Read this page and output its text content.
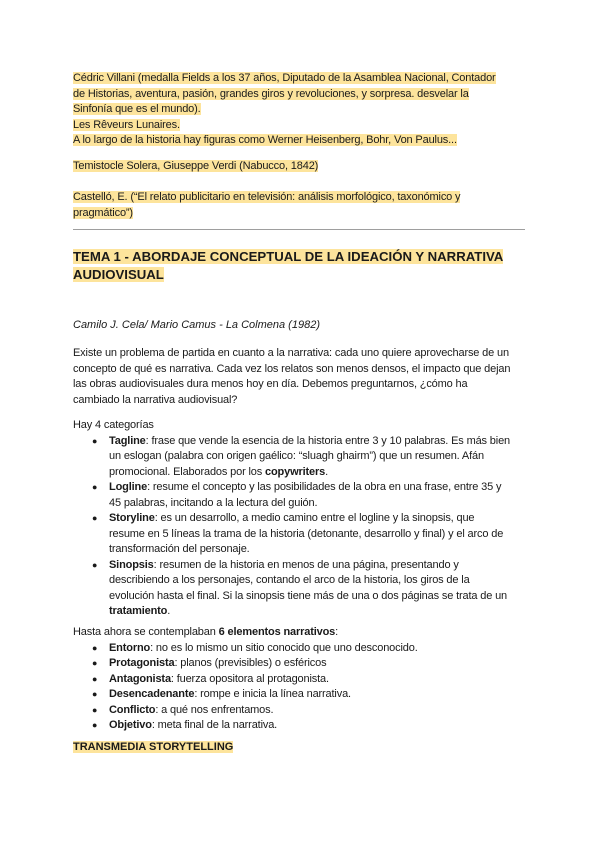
Cédric Villani (medalla Fields a los 37 años, Diputado de la Asamblea Nacional, Contador
de Historias, aventura, pasión, grandes giros y revoluciones, y sorpresa. desvelar la
Sinfonía que es el mundo).
Les Rêveurs Lunaires.
A lo largo de la historia hay figuras como Werner Heisenberg, Bohr, Von Paulus...
Temistocle Solera, Giuseppe Verdi (Nabucco, 1842)
Castelló, E. (“El relato publicitario en televisión: análisis morfológico, taxonómico y
pragmático”)
TEMA 1 - ABORDAJE CONCEPTUAL DE LA IDEACIÓN Y NARRATIVA
AUDIOVISUAL
Camilo J. Cela/ Mario Camus - La Colmena (1982)
Existe un problema de partida en cuanto a la narrativa: cada uno quiere aprovecharse de un
concepto de qué es narrativa. Cada vez los relatos son menos densos, el impacto que dejan
las obras audiovisuales dura menos hoy en día. Debemos preguntarnos, ¿cómo ha
cambiado la narrativa audiovisual?
Hay 4 categorías
● Tagline: frase que vende la esencia de la historia entre 3 y 10 palabras. Es más bien
un eslogan (palabra con origen gaélico: “sluagh ghairm”) que un resumen. Afán
promocional. Elaborados por los copywriters.
● Logline: resume el concepto y las posibilidades de la obra en una frase, entre 35 y
45 palabras, incitando a la lectura del guión.
● Storyline: es un desarrollo, a medio camino entre el logline y la sinopsis, que
resume en 5 líneas la trama de la historia (detonante, desarrollo y final) y el arco de
transformación del personaje.
● Sinopsis: resumen de la historia en menos de una página, presentando y
describiendo a los personajes, contando el arco de la historia, los giros de la
evolución hasta el final. Si la sinopsis tiene más de una o dos páginas se trata de un
tratamiento.
Hasta ahora se contemplaban 6 elementos narrativos:
● Entorno: no es lo mismo un sitio conocido que uno desconocido.
● Protagonista: planos (previsibles) o esféricos
● Antagonista: fuerza opositora al protagonista.
● Desencadenante: rompe e inicia la línea narrativa.
● Conflicto: a qué nos enfrentamos.
● Objetivo: meta final de la narrativa.
TRANSMEDIA STORYTELLING
